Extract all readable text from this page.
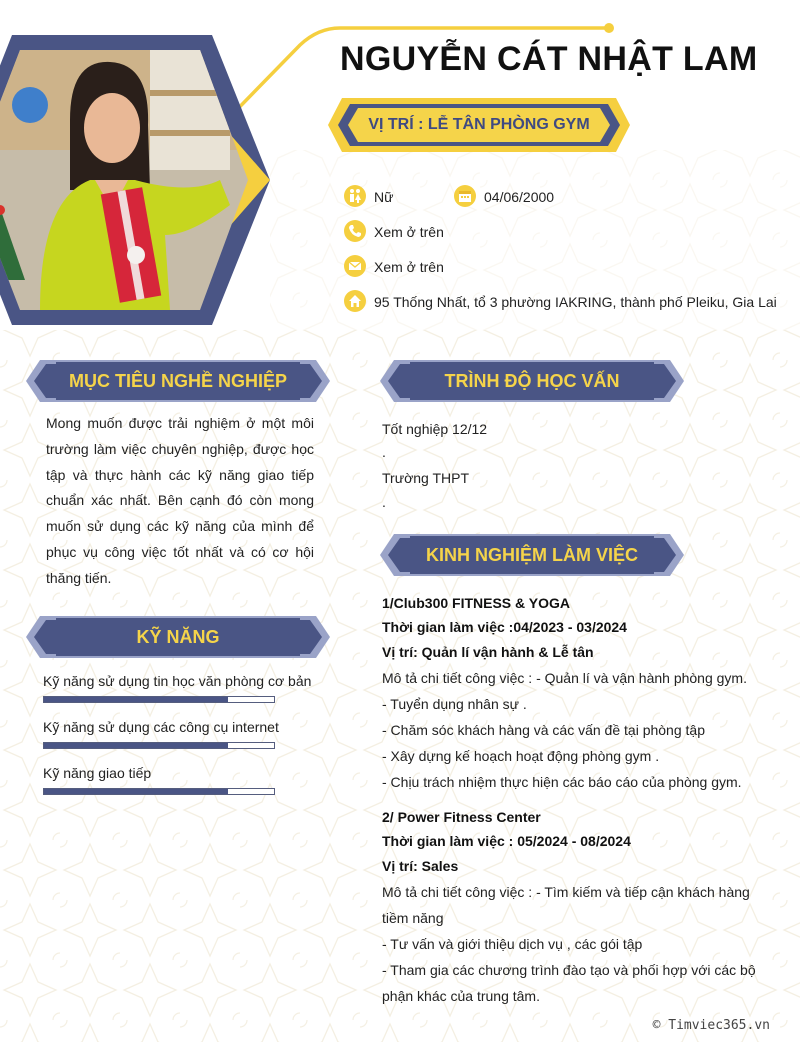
NGUYỄN CÁT NHẬT LAM
VỊ TRÍ : LỄ TÂN PHÒNG GYM
Nữ	04/06/2000
Xem ở trên
Xem ở trên
95 Thống Nhất, tổ 3 phường IAKRING, thành phố Pleiku, Gia Lai
MỤC TIÊU NGHỀ NGHIỆP
Mong muốn được trải nghiệm ở một môi trường làm việc chuyên nghiệp, được học tập và thực hành các kỹ năng giao tiếp chuẩn xác nhất. Bên cạnh đó còn mong muốn sử dụng các kỹ năng của mình để phục vụ công việc tốt nhất và có cơ hội thăng tiến.
TRÌNH ĐỘ HỌC VẤN
Tốt nghiệp 12/12
.
Trường THPT
.
KỸ NĂNG
Kỹ năng sử dụng tin học văn phòng cơ bản
Kỹ năng sử dụng các công cụ internet
Kỹ năng giao tiếp
KINH NGHIỆM LÀM VIỆC
1/Club300 FITNESS & YOGA
Thời gian làm việc :04/2023 - 03/2024
Vị trí: Quản lí vận hành & Lễ tân
Mô tả chi tiết công việc : - Quản lí và vận hành phòng gym.
- Tuyển dụng nhân sự .
- Chăm sóc khách hàng và các vấn đề tại phòng tập
- Xây dựng kế hoạch hoạt động phòng gym .
- Chịu trách nhiệm thực hiện các báo cáo của phòng gym.
2/ Power Fitness Center
Thời gian làm việc : 05/2024 - 08/2024
Vị trí: Sales
Mô tả chi tiết công việc : - Tìm kiếm và tiếp cận khách hàng
tiềm năng
- Tư vấn và giới thiệu dịch vụ , các gói tập
- Tham gia các chương trình đào tạo và phối hợp với các bộ
phận khác của trung tâm.
© Timviec365.vn
